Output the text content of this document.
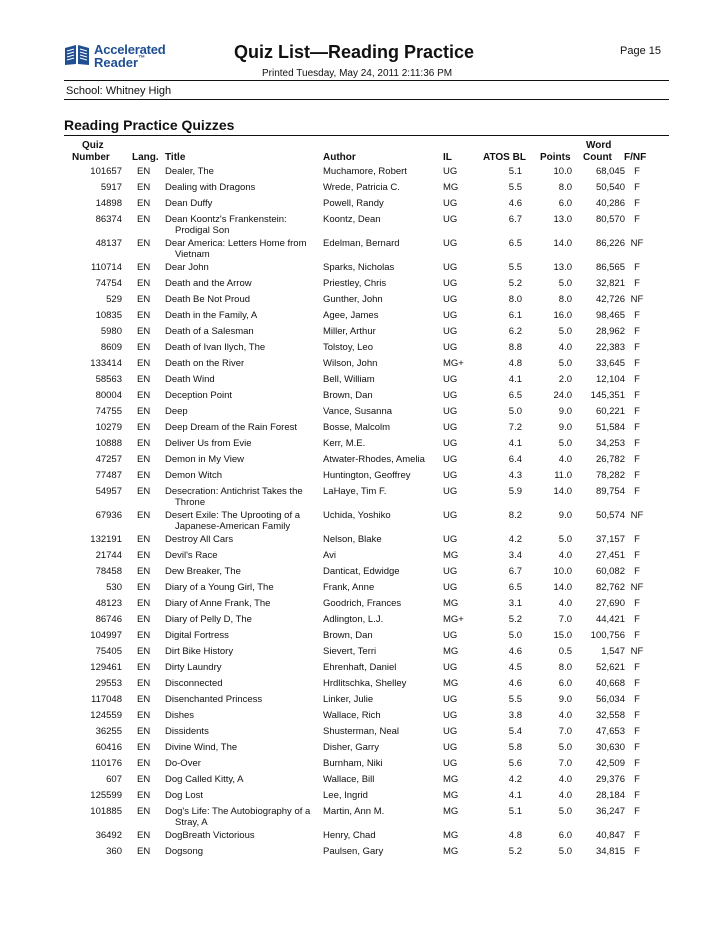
Accelerated
Reader™	Quiz List—Reading Practice	Page 15
Printed Tuesday, May 24, 2011 2:11:36 PM
School: Whitney High
Reading Practice Quizzes
Quiz
Number Lang. Title	Author	IL	ATOS BL Points
Word
Count F/NF
101657 EN Dealer, The	Muchamore, Robert	UG	5.1	10.0	68,045 F
5917 EN Dealing with Dragons	Wrede, Patricia C.	MG	5.5	8.0	50,540 F
14898 EN Dean Duffy	Powell, Randy	UG	4.6	6.0	40,286 F
86374 EN Dean Koontz's Frankenstein:
Prodigal Son
Koontz, Dean	UG	6.7	13.0	80,570 F
48137 EN Dear America: Letters Home from
Vietnam
Edelman, Bernard	UG	6.5	14.0	86,226 NF
110714 EN Dear John	Sparks, Nicholas	UG	5.5	13.0	86,565 F
74754 EN Death and the Arrow	Priestley, Chris	UG	5.2	5.0	32,821 F
529 EN Death Be Not Proud	Gunther, John	UG	8.0	8.0	42,726 NF
10835 EN Death in the Family, A	Agee, James	UG	6.1	16.0	98,465 F
5980 EN Death of a Salesman	Miller, Arthur	UG	6.2	5.0	28,962 F
8609 EN Death of Ivan Ilych, The	Tolstoy, Leo	UG	8.8	4.0	22,383 F
133414 EN Death on the River	Wilson, John	MG+	4.8	5.0	33,645 F
58563 EN Death Wind	Bell, William	UG	4.1	2.0	12,104 F
80004 EN Deception Point	Brown, Dan	UG	6.5	24.0	145,351 F
74755 EN Deep	Vance, Susanna	UG	5.0	9.0	60,221 F
10279 EN Deep Dream of the Rain Forest	Bosse, Malcolm	UG	7.2	9.0	51,584 F
10888 EN Deliver Us from Evie	Kerr, M.E.	UG	4.1	5.0	34,253 F
47257 EN Demon in My View	Atwater-Rhodes, Amelia UG	6.4	4.0	26,782 F
77487 EN Demon Witch	Huntington, Geoffrey	UG	4.3	11.0	78,282 F
54957 EN Desecration: Antichrist Takes the
Throne
LaHaye, Tim F.	UG	5.9	14.0	89,754 F
67936 EN Desert Exile: The Uprooting of a
Japanese-American Family
Uchida, Yoshiko	UG	8.2	9.0	50,574 NF
132191 EN Destroy All Cars	Nelson, Blake	UG	4.2	5.0	37,157 F
21744 EN Devil's Race	Avi	MG	3.4	4.0	27,451 F
78458 EN Dew Breaker, The	Danticat, Edwidge	UG	6.7	10.0	60,082 F
530 EN Diary of a Young Girl, The	Frank, Anne	UG	6.5	14.0	82,762 NF
48123 EN Diary of Anne Frank, The	Goodrich, Frances	MG	3.1	4.0	27,690 F
86746 EN Diary of Pelly D, The	Adlington, L.J.	MG+	5.2	7.0	44,421 F
104997 EN Digital Fortress	Brown, Dan	UG	5.0	15.0	100,756 F
75405 EN Dirt Bike History	Sievert, Terri	MG	4.6	0.5	1,547 NF
129461 EN Dirty Laundry	Ehrenhaft, Daniel	UG	4.5	8.0	52,621 F
29553 EN Disconnected	Hrdlitschka, Shelley	MG	4.6	6.0	40,668 F
117048 EN Disenchanted Princess	Linker, Julie	UG	5.5	9.0	56,034 F
124559 EN Dishes	Wallace, Rich	UG	3.8	4.0	32,558 F
36255 EN Dissidents	Shusterman, Neal	UG	5.4	7.0	47,653 F
60416 EN Divine Wind, The	Disher, Garry	UG	5.8	5.0	30,630 F
110176 EN Do-Over	Burnham, Niki	UG	5.6	7.0	42,509 F
607 EN Dog Called Kitty, A	Wallace, Bill	MG	4.2	4.0	29,376 F
125599 EN Dog Lost	Lee, Ingrid	MG	4.1	4.0	28,184 F
101885 EN Dog's Life: The Autobiography of a
Stray, A
Martin, Ann M.	MG	5.1	5.0	36,247 F
36492 EN DogBreath Victorious	Henry, Chad	MG	4.8	6.0	40,847 F
360 EN Dogsong	Paulsen, Gary	MG	5.2	5.0	34,815 F
